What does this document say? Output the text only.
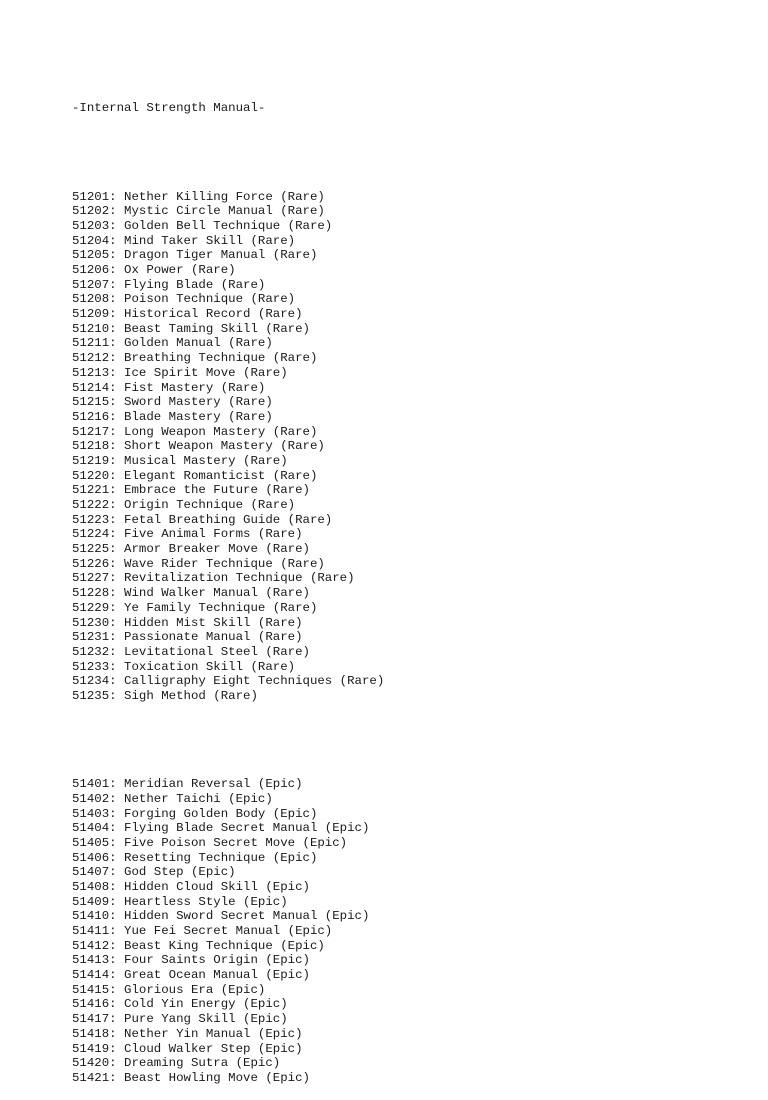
-Internal Strength Manual-

51201: Nether Killing Force (Rare)
51202: Mystic Circle Manual (Rare)
51203: Golden Bell Technique (Rare)
51204: Mind Taker Skill (Rare)
51205: Dragon Tiger Manual (Rare)
51206: Ox Power (Rare)
51207: Flying Blade (Rare)
51208: Poison Technique (Rare)
51209: Historical Record (Rare)
51210: Beast Taming Skill (Rare)
51211: Golden Manual (Rare)
51212: Breathing Technique (Rare)
51213: Ice Spirit Move (Rare)
51214: Fist Mastery (Rare)
51215: Sword Mastery (Rare)
51216: Blade Mastery (Rare)
51217: Long Weapon Mastery (Rare)
51218: Short Weapon Mastery (Rare)
51219: Musical Mastery (Rare)
51220: Elegant Romanticist (Rare)
51221: Embrace the Future (Rare)
51222: Origin Technique (Rare)
51223: Fetal Breathing Guide (Rare)
51224: Five Animal Forms (Rare)
51225: Armor Breaker Move (Rare)
51226: Wave Rider Technique (Rare)
51227: Revitalization Technique (Rare)
51228: Wind Walker Manual (Rare)
51229: Ye Family Technique (Rare)
51230: Hidden Mist Skill (Rare)
51231: Passionate Manual (Rare)
51232: Levitational Steel (Rare)
51233: Toxication Skill (Rare)
51234: Calligraphy Eight Techniques (Rare)
51235: Sigh Method (Rare)

51401: Meridian Reversal (Epic)
51402: Nether Taichi (Epic)
51403: Forging Golden Body (Epic)
51404: Flying Blade Secret Manual (Epic)
51405: Five Poison Secret Move (Epic)
51406: Resetting Technique (Epic)
51407: God Step (Epic)
51408: Hidden Cloud Skill (Epic)
51409: Heartless Style (Epic)
51410: Hidden Sword Secret Manual (Epic)
51411: Yue Fei Secret Manual (Epic)
51412: Beast King Technique (Epic)
51413: Four Saints Origin (Epic)
51414: Great Ocean Manual (Epic)
51415: Glorious Era (Epic)
51416: Cold Yin Energy (Epic)
51417: Pure Yang Skill (Epic)
51418: Nether Yin Manual (Epic)
51419: Cloud Walker Step (Epic)
51420: Dreaming Sutra (Epic)
51421: Beast Howling Move (Epic)
